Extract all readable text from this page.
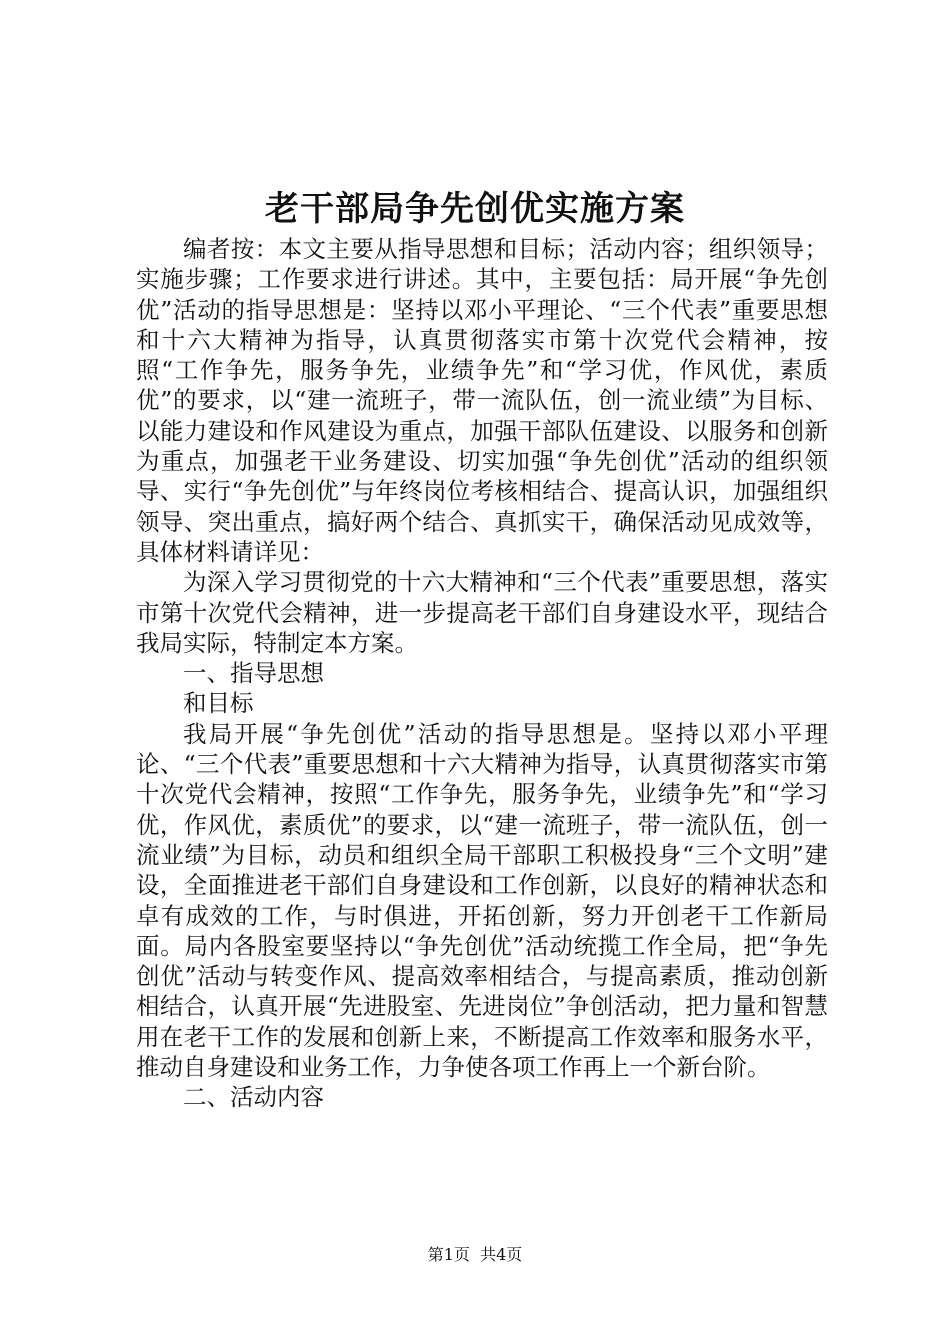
老干部局争先创优实施方案

编者按：本文主要从指导思想和目标；活动内容；组织领导；实施步骤；工作要求进行讲述。其中，主要包括：局开展“争先创优”活动的指导思想是：坚持以邓小平理论、“三个代表”重要思想和十六大精神为指导，认真贯彻落实市第十次党代会精神，按照“工作争先，服务争先，业绩争先”和“学习优，作风优，素质优”的要求，以“建一流班子，带一流队伍，创一流业绩”为目标、以能力建设和作风建设为重点，加强干部队伍建设、以服务和创新为重点，加强老干业务建设、切实加强“争先创优”活动的组织领导、实行“争先创优”与年终岗位考核相结合、提高认识，加强组织领导、突出重点，搞好两个结合、真抓实干，确保活动见成效等，具体材料请详见：

为深入学习贯彻党的十六大精神和“三个代表”重要思想，落实市第十次党代会精神，进一步提高老干部们自身建设水平，现结合我局实际，特制定本方案。

一、指导思想

和目标

我局开展“争先创优”活动的指导思想是。坚持以邓小平理论、“三个代表”重要思想和十六大精神为指导，认真贯彻落实市第十次党代会精神，按照“工作争先，服务争先，业绩争先”和“学习优，作风优，素质优”的要求，以“建一流班子，带一流队伍，创一流业绩”为目标，动员和组织全局干部职工积极投身“三个文明”建设，全面推进老干部们自身建设和工作创新，以良好的精神状态和卓有成效的工作，与时俱进，开拓创新，努力开创老干工作新局面。局内各股室要坚持以“争先创优”活动统揽工作全局，把“争先创优”活动与转变作风、提高效率相结合，与提高素质，推动创新相结合，认真开展“先进股室、先进岗位”争创活动，把力量和智慧用在老干工作的发展和创新上来，不断提高工作效率和服务水平，推动自身建设和业务工作，力争使各项工作再上一个新台阶。

二、活动内容

第1页 共4页
